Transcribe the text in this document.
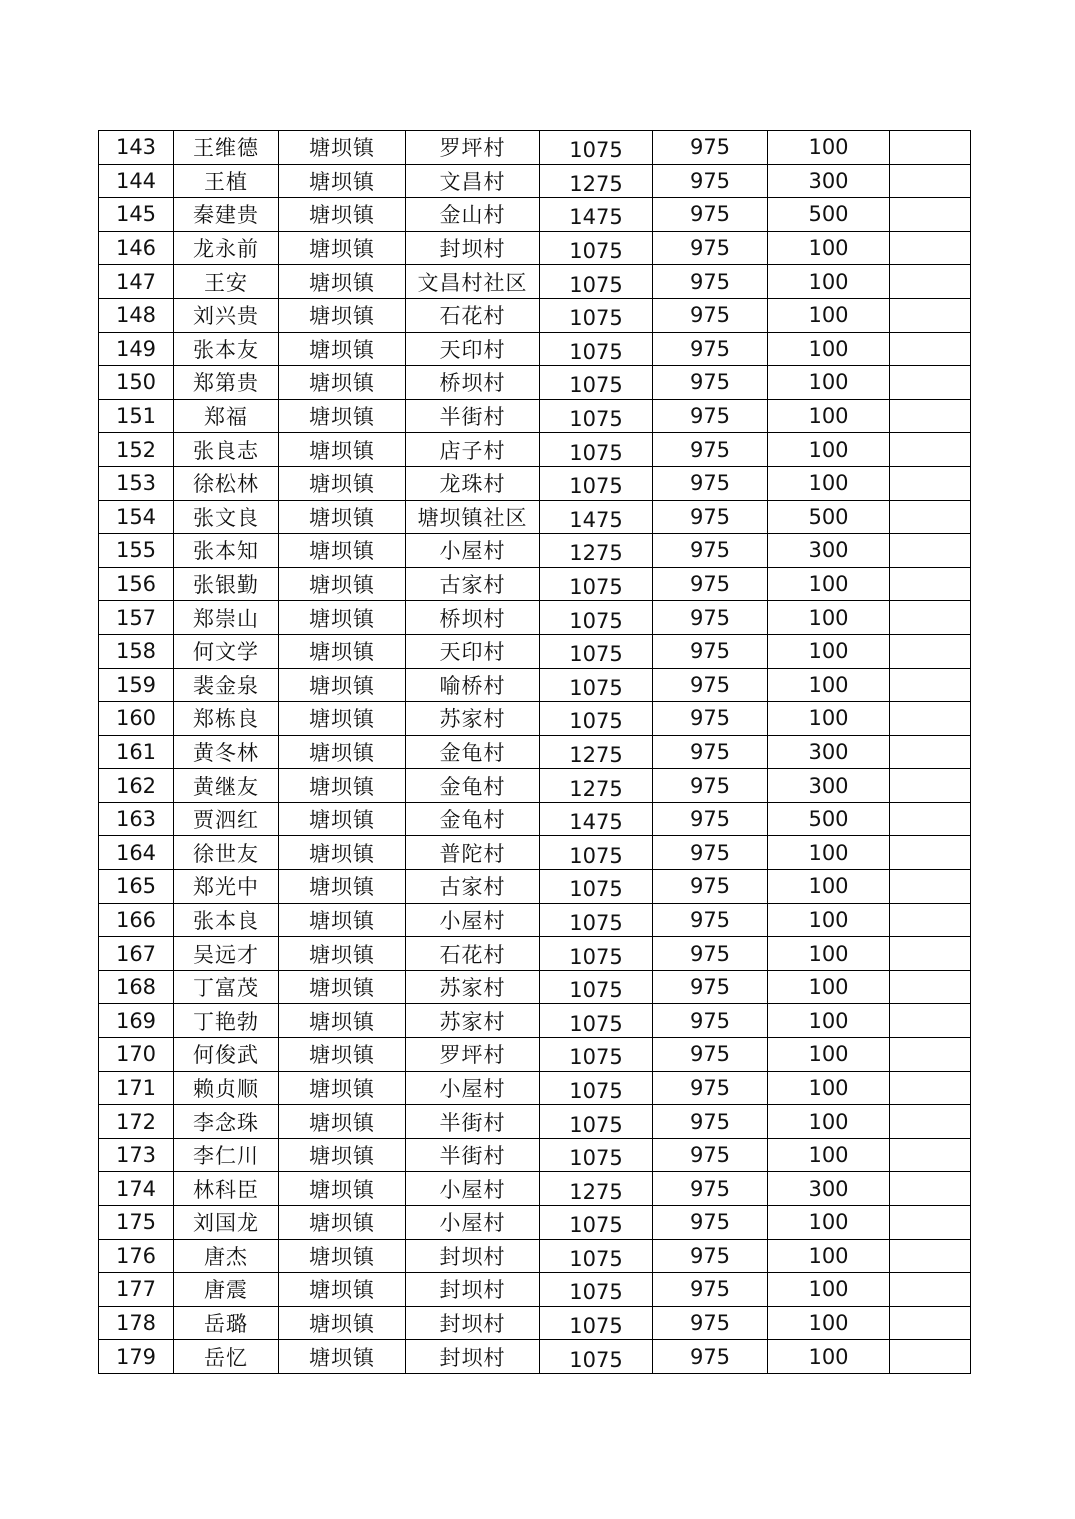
143	王维德	塘坝镇	罗坪村	1075	975	100	
144	王植	塘坝镇	文昌村	1275	975	300	
145	秦建贵	塘坝镇	金山村	1475	975	500	
146	龙永前	塘坝镇	封坝村	1075	975	100	
147	王安	塘坝镇	文昌村社区	1075	975	100	
148	刘兴贵	塘坝镇	石花村	1075	975	100	
149	张本友	塘坝镇	天印村	1075	975	100	
150	郑第贵	塘坝镇	桥坝村	1075	975	100	
151	郑福	塘坝镇	半街村	1075	975	100	
152	张良志	塘坝镇	店子村	1075	975	100	
153	徐松林	塘坝镇	龙珠村	1075	975	100	
154	张文良	塘坝镇	塘坝镇社区	1475	975	500	
155	张本知	塘坝镇	小屋村	1275	975	300	
156	张银勤	塘坝镇	古家村	1075	975	100	
157	郑崇山	塘坝镇	桥坝村	1075	975	100	
158	何文学	塘坝镇	天印村	1075	975	100	
159	裴金泉	塘坝镇	喻桥村	1075	975	100	
160	郑栋良	塘坝镇	苏家村	1075	975	100	
161	黄冬林	塘坝镇	金龟村	1275	975	300	
162	黄继友	塘坝镇	金龟村	1275	975	300	
163	贾泗红	塘坝镇	金龟村	1475	975	500	
164	徐世友	塘坝镇	普陀村	1075	975	100	
165	郑光中	塘坝镇	古家村	1075	975	100	
166	张本良	塘坝镇	小屋村	1075	975	100	
167	吴远才	塘坝镇	石花村	1075	975	100	
168	丁富茂	塘坝镇	苏家村	1075	975	100	
169	丁艳勃	塘坝镇	苏家村	1075	975	100	
170	何俊武	塘坝镇	罗坪村	1075	975	100	
171	赖贞顺	塘坝镇	小屋村	1075	975	100	
172	李念珠	塘坝镇	半街村	1075	975	100	
173	李仁川	塘坝镇	半街村	1075	975	100	
174	林科臣	塘坝镇	小屋村	1275	975	300	
175	刘国龙	塘坝镇	小屋村	1075	975	100	
176	唐杰	塘坝镇	封坝村	1075	975	100	
177	唐震	塘坝镇	封坝村	1075	975	100	
178	岳璐	塘坝镇	封坝村	1075	975	100	
179	岳忆	塘坝镇	封坝村	1075	975	100	
